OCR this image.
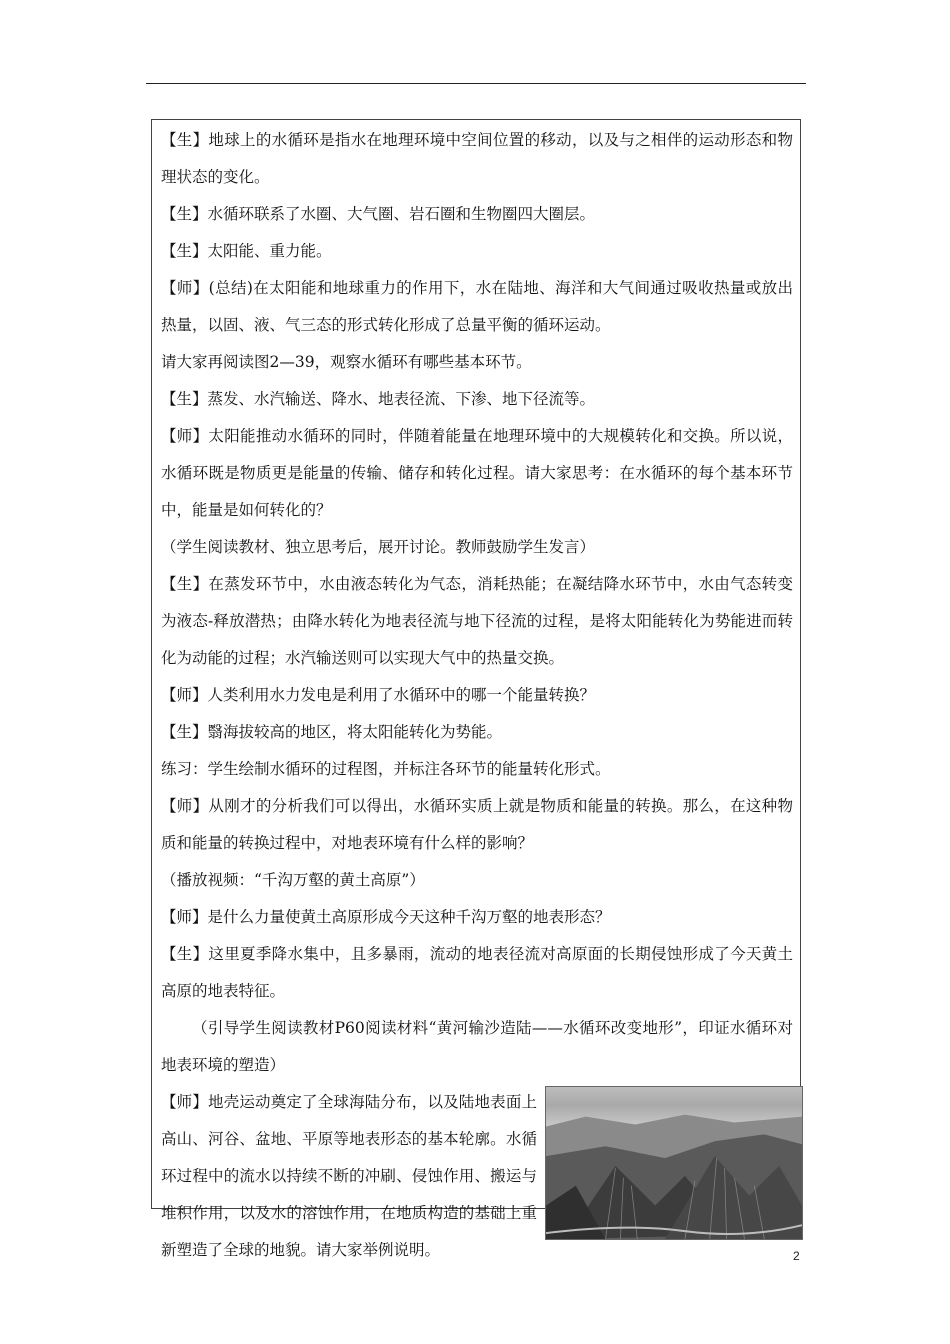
【生】地球上的水循环是指水在地理环境中空间位置的移动，以及与之相伴的运动形态和物理状态的变化。

【生】水循环联系了水圈、大气圈、岩石圈和生物圈四大圈层。

【生】太阳能、重力能。

【师】(总结)在太阳能和地球重力的作用下，水在陆地、海洋和大气间通过吸收热量或放出热量，以固、液、气三态的形式转化形成了总量平衡的循环运动。

请大家再阅读图2—39，观察水循环有哪些基本环节。

【生】蒸发、水汽输送、降水、地表径流、下渗、地下径流等。

【师】太阳能推动水循环的同时，伴随着能量在地理环境中的大规模转化和交换。所以说，水循环既是物质更是能量的传输、储存和转化过程。请大家思考：在水循环的每个基本环节中，能量是如何转化的？

（学生阅读教材、独立思考后，展开讨论。教师鼓励学生发言）

【生】在蒸发环节中，水由液态转化为气态，消耗热能；在凝结降水环节中，水由气态转变为液态-释放潜热；由降水转化为地表径流与地下径流的过程，是将太阳能转化为势能进而转化为动能的过程；水汽输送则可以实现大气中的热量交换。

【师】人类利用水力发电是利用了水循环中的哪一个能量转换？

【生】翳海拔较高的地区，将太阳能转化为势能。

练习：学生绘制水循环的过程图，并标注各环节的能量转化形式。

【师】从刚才的分析我们可以得出，水循环实质上就是物质和能量的转换。那么，在这种物质和能量的转换过程中，对地表环境有什么样的影响？

（播放视频：“千沟万壑的黄土高原”）

【师】是什么力量使黄土高原形成今天这种千沟万壑的地表形态？

【生】这里夏季降水集中，且多暴雨，流动的地表径流对高原面的长期侵蚀形成了今天黄土高原的地表特征。

（引导学生阅读教材P60阅读材料“黄河输沙造陆——水循环改变地形”，印证水循环对地表环境的塑造）

【师】地壳运动奠定了全球海陆分布，以及陆地表面上高山、河谷、盆地、平原等地表形态的基本轮廓。水循环过程中的流水以持续不断的冲刷、侵蚀作用、搬运与堆积作用，以及水的溶蚀作用，在地质构造的基础上重新塑造了全球的地貌。请大家举例说明。	2
